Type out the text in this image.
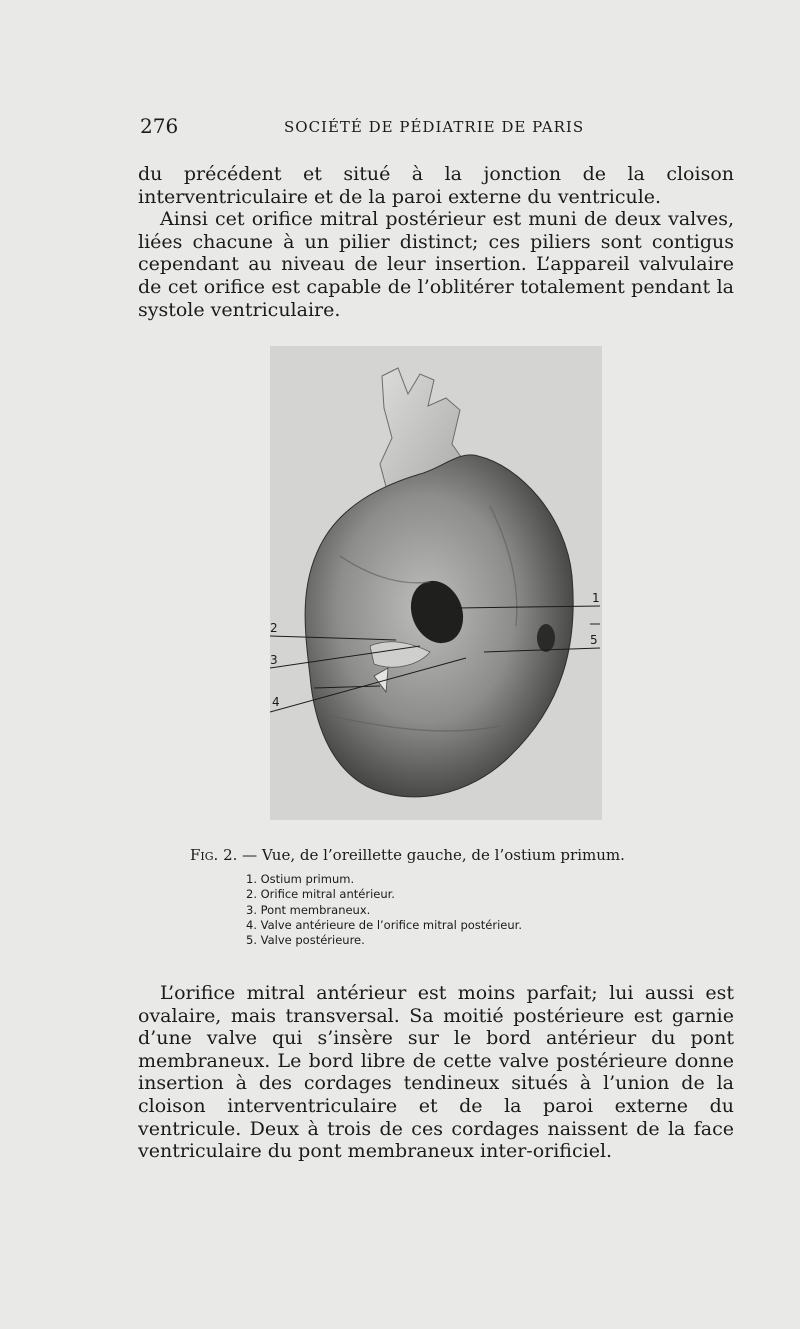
276	SOCIÉTÉ DE PÉDIATRIE DE PARIS
du précédent et situé à la jonction de la cloison interventriculaire et de la paroi externe du ventricule.
Ainsi cet orifice mitral postérieur est muni de deux valves, liées chacune à un pilier distinct; ces piliers sont contigus cependant au niveau de leur insertion. L’appareil valvulaire de cet orifice est capable de l’oblitérer totalement pendant la systole ventriculaire.
1
2
3
4
5
Fig. 2. — Vue, de l’oreillette gauche, de l’ostium primum.
1. Ostium primum.
2. Orifice mitral antérieur.
3. Pont membraneux.
4. Valve antérieure de l’orifice mitral postérieur.
5. Valve postérieure.
L’orifice mitral antérieur est moins parfait; lui aussi est ovalaire, mais transversal. Sa moitié postérieure est garnie d’une valve qui s’insère sur le bord antérieur du pont membraneux. Le bord libre de cette valve postérieure donne insertion à des cordages tendineux situés à l’union de la cloison interventriculaire et de la paroi externe du ventricule. Deux à trois de ces cordages naissent de la face ventriculaire du pont membraneux inter-orificiel.
